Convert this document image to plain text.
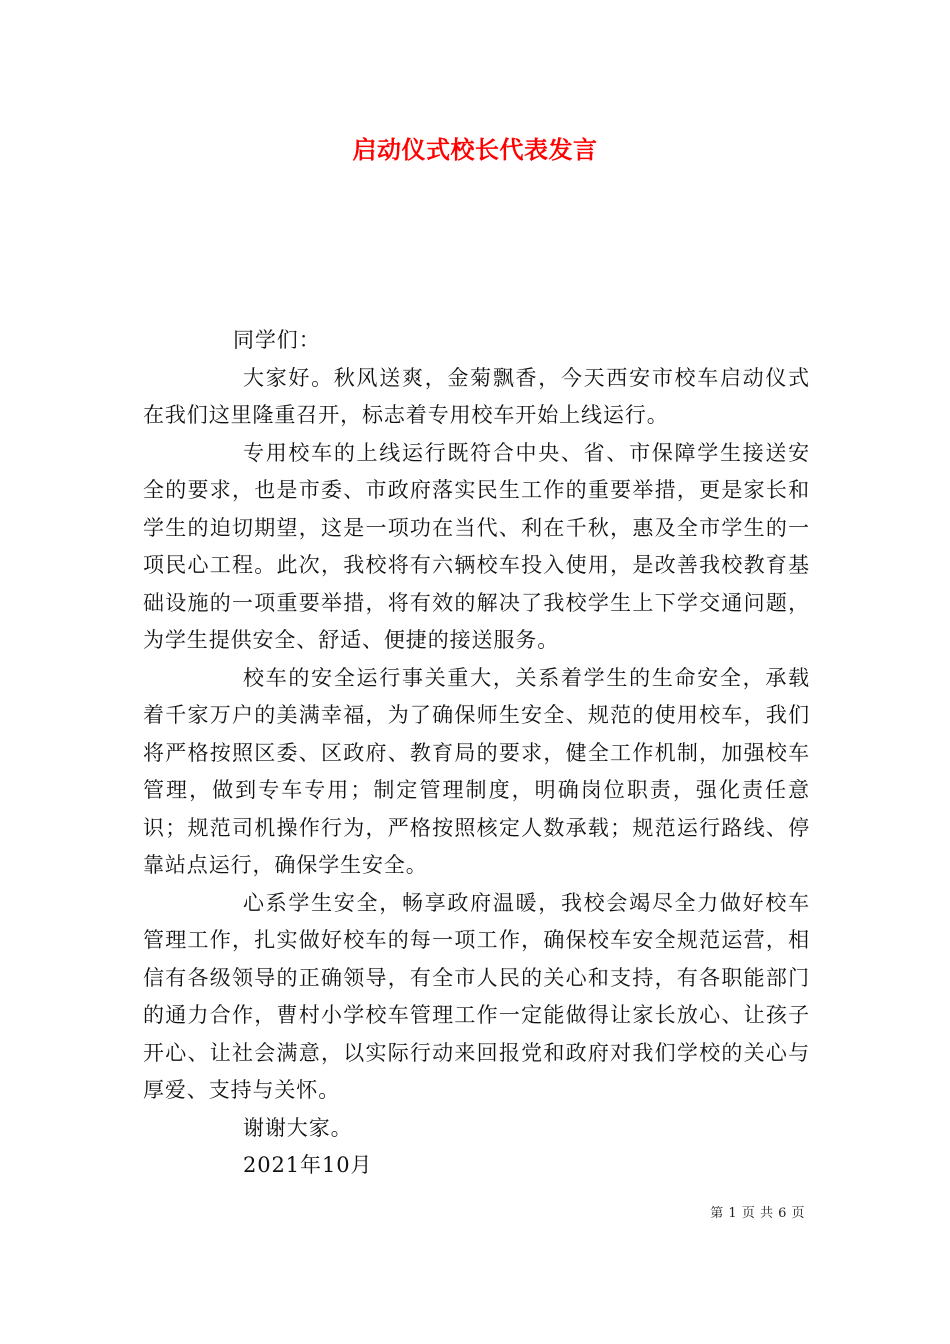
启动仪式校长代表发言

同学们：

大家好。秋风送爽，金菊飘香，今天西安市校车启动仪式在我们这里隆重召开，标志着专用校车开始上线运行。

专用校车的上线运行既符合中央、省、市保障学生接送安全的要求，也是市委、市政府落实民生工作的重要举措，更是家长和学生的迫切期望，这是一项功在当代、利在千秋，惠及全市学生的一项民心工程。此次，我校将有六辆校车投入使用，是改善我校教育基础设施的一项重要举措，将有效的解决了我校学生上下学交通问题，为学生提供安全、舒适、便捷的接送服务。

校车的安全运行事关重大，关系着学生的生命安全，承载着千家万户的美满幸福，为了确保师生安全、规范的使用校车，我们将严格按照区委、区政府、教育局的要求，健全工作机制，加强校车管理，做到专车专用；制定管理制度，明确岗位职责，强化责任意识；规范司机操作行为，严格按照核定人数承载；规范运行路线、停靠站点运行，确保学生安全。

心系学生安全，畅享政府温暖，我校会竭尽全力做好校车管理工作，扎实做好校车的每一项工作，确保校车安全规范运营，相信有各级领导的正确领导，有全市人民的关心和支持，有各职能部门的通力合作，曹村小学校车管理工作一定能做得让家长放心、让孩子开心、让社会满意，以实际行动来回报党和政府对我们学校的关心与厚爱、支持与关怀。

谢谢大家。

2021年10月

第 1 页 共 6 页
